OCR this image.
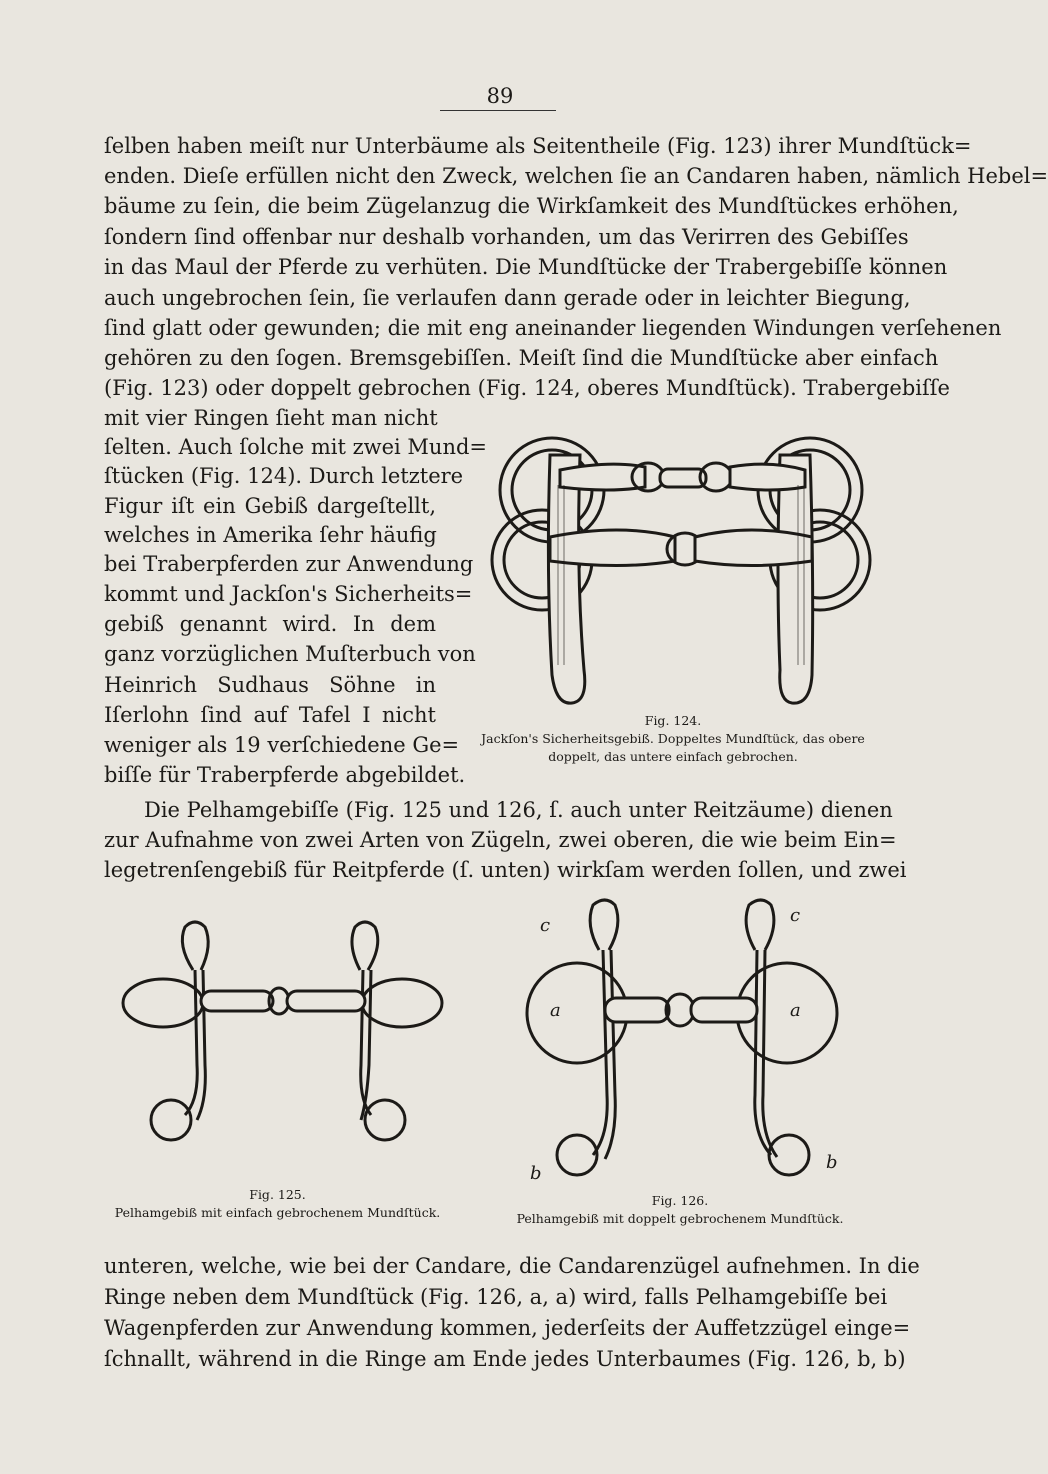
89
ſelben haben meiſt nur Unterbäume als Seitentheile (Fig. 123) ihrer Mundſtück=
enden. Dieſe erfüllen nicht den Zweck, welchen ſie an Candaren haben, nämlich Hebel=
bäume zu ſein, die beim Zügelanzug die Wirkſamkeit des Mundſtückes erhöhen,
ſondern ſind offenbar nur deshalb vorhanden, um das Verirren des Gebiſſes
in das Maul der Pferde zu verhüten. Die Mundſtücke der Trabergebiſſe können
auch ungebrochen ſein, ſie verlaufen dann gerade oder in leichter Biegung,
ſind glatt oder gewunden; die mit eng aneinander liegenden Windungen verſehenen
gehören zu den ſogen. Bremsgebiſſen. Meiſt ſind die Mundſtücke aber einfach
(Fig. 123) oder doppelt gebrochen (Fig. 124, oberes Mundſtück). Trabergebiſſe
mit vier Ringen ſieht man nicht
ſelten. Auch ſolche mit zwei Mund=
ſtücken (Fig. 124). Durch letztere
Figur iſt ein Gebiß dargeſtellt,
welches in Amerika ſehr häufig
bei Traberpferden zur Anwendung
kommt und Jackſon's Sicherheits=
gebiß genannt wird. In dem
ganz vorzüglichen Muſterbuch von
Heinrich Sudhaus Söhne in
Iſerlohn ſind auf Tafel I nicht
weniger als 19 verſchiedene Ge=
biſſe für Traberpferde abgebildet.
Fig. 124.
Jackſon's Sicherheitsgebiß. Doppeltes Mundſtück, das obere
doppelt, das untere einfach gebrochen.
Die Pelhamgebiſſe (Fig. 125 und 126, ſ. auch unter Reitzäume) dienen
zur Aufnahme von zwei Arten von Zügeln, zwei oberen, die wie beim Ein=
legetrenſengebiß für Reitpferde (ſ. unten) wirkſam werden ſollen, und zwei
Fig. 125.
Pelhamgebiß mit einfach gebrochenem Mundſtück.
c	c
a	a
b
b
Fig. 126.
Pelhamgebiß mit doppelt gebrochenem Mundſtück.
unteren, welche, wie bei der Candare, die Candarenzügel aufnehmen. In die
Ringe neben dem Mundſtück (Fig. 126, a, a) wird, falls Pelhamgebiſſe bei
Wagenpferden zur Anwendung kommen, jederſeits der Auffetzzügel einge=
ſchnallt, während in die Ringe am Ende jedes Unterbaumes (Fig. 126, b, b)
